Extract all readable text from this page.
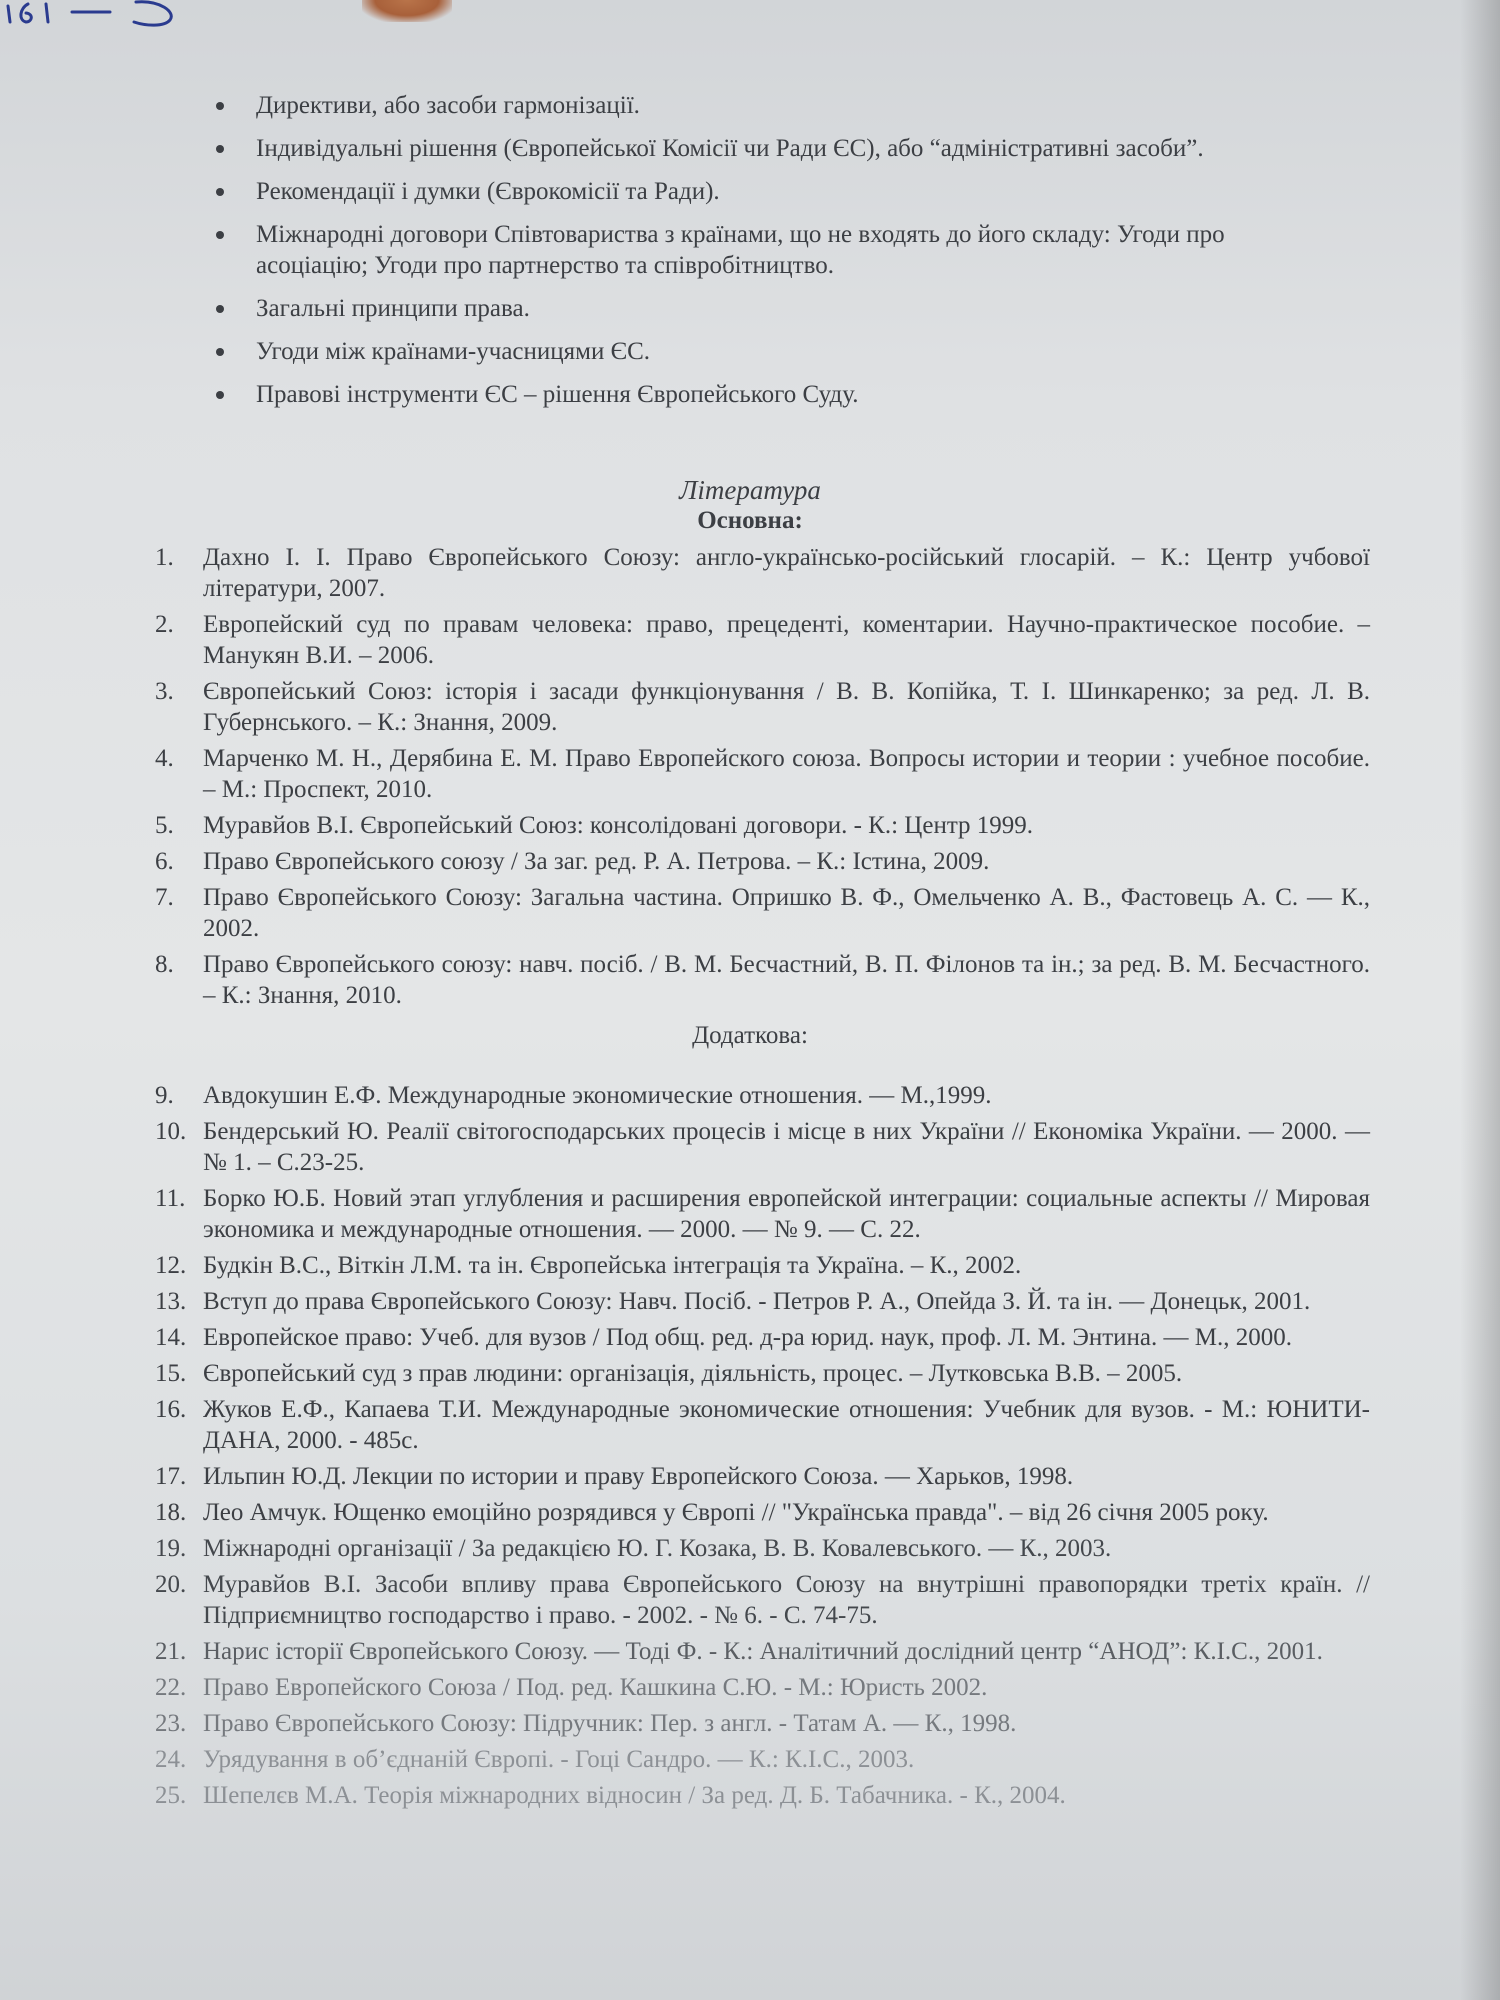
Директиви, або засоби гармонізації.
Індивідуальні рішення (Європейської Комісії чи Ради ЄС), або “адміністративні засоби”.
Рекомендації і думки (Єврокомісії та Ради).
Міжнародні договори Співтовариства з країнами, що не входять до його складу: Угоди про асоціацію; Угоди про партнерство та співробітництво.
Загальні принципи права.
Угоди між країнами-учасницями ЄС.
Правові інструменти ЄС – рішення Європейського Суду.
Література
Основна:
1. Дахно І. І. Право Європейського Союзу: англо-українсько-російський глосарій. – К.: Центр учбової літератури, 2007.
2. Европейский суд по правам человека: право, прецеденті, коментарии. Научно-практическое пособие. – Манукян В.И. – 2006.
3. Європейський Союз: історія і засади функціонування / В. В. Копійка, Т. І. Шинкаренко; за ред. Л. В. Губернського. – К.: Знання, 2009.
4. Марченко М. Н., Дерябина Е. М. Право Европейского союза. Вопросы истории и теории : учебное пособие. – М.: Проспект, 2010.
5. Муравйов В.І. Європейський Союз: консолідовані договори. - К.: Центр 1999.
6. Право Європейського союзу / За заг. ред. Р. А. Петрова. – К.: Істина, 2009.
7. Право Європейського Союзу: Загальна частина. Опришко В. Ф., Омельченко А. В., Фастовець А. С. — К., 2002.
8. Право Європейського союзу: навч. посіб. / В. М. Бесчастний, В. П. Філонов та ін.; за ред. В. М. Бесчастного. – К.: Знання, 2010.
Додаткова:
9. Авдокушин Е.Ф. Международные экономические отношения. — М.,1999.
10. Бендерський Ю. Реалії світогосподарських процесів і місце в них України // Економіка України. — 2000. — № 1. – С.23-25.
11. Борко Ю.Б. Новий этап углубления и расширения европейской интеграции: социальные аспекты // Мировая экономика и международные отношения. — 2000. — № 9. — С. 22.
12. Будкін В.С., Віткін Л.М. та ін. Європейська інтеграція та Україна. – К., 2002.
13. Вступ до права Європейського Союзу: Навч. Посіб. - Петров Р. А., Опейда З. Й. та ін. — Донецьк, 2001.
14. Европейское право: Учеб. для вузов / Под общ. ред. д-ра юрид. наук, проф. Л. М. Энтина. — М., 2000.
15. Європейський суд з прав людини: організація, діяльність, процес. – Лутковська В.В. – 2005.
16. Жуков Е.Ф., Капаева Т.И. Международные экономические отношения: Учебник для вузов. - М.: ЮНИТИ-ДАНА, 2000. - 485с.
17. Ильпин Ю.Д. Лекции по истории и праву Европейского Союза. — Харьков, 1998.
18. Лео Амчук. Ющенко емоційно розрядився у Європі // "Українська правда". – від 26 січня 2005 року.
19. Міжнародні організації / За редакцією Ю. Г. Козака, В. В. Ковалевського. — К., 2003.
20. Муравйов В.І. Засоби впливу права Європейського Союзу на внутрішні правопорядки третіх країн. // Підприємництво господарство і право. - 2002. - № 6. - С. 74-75.
21. Нарис історії Європейського Союзу. — Тоді Ф. - К.: Аналітичний дослідний центр “АНОД”: К.І.С., 2001.
22. Право Европейского Союза / Под. ред. Кашкина С.Ю. - М.: Юристь 2002.
23. Право Європейського Союзу: Підручник: Пер. з англ. - Татам А. — К., 1998.
24. Урядування в об’єднаній Європі. - Гоці Сандро. — К.: К.І.С., 2003.
25. Шепелєв М.А. Теорія міжнародних відносин / За ред. Д. Б. Табачника. - К., 2004.
